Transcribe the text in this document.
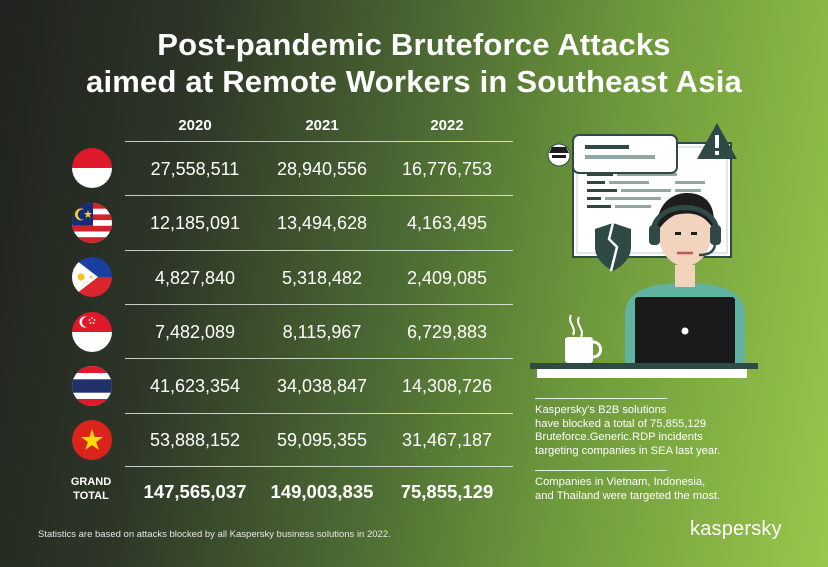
Post-pandemic Bruteforce Attacks
aimed at Remote Workers in Southeast Asia
2020	2021	2022
27,558,511	28,940,556	16,776,753
12,185,091	13,494,628	4,163,495
4,827,840	5,318,482	2,409,085
7,482,089	8,115,967	6,729,883
41,623,354	34,038,847	14,308,726
53,888,152	59,095,355	31,467,187
GRAND
TOTAL	147,565,037	149,003,835	75,855,129
Statistics are based on attacks blocked by all Kaspersky business solutions in 2022.
Kaspersky's B2B solutions
have blocked a total of 75,855,129
Bruteforce.Generic.RDP incidents
targeting companies in SEA last year.
Companies in Vietnam, Indonesia,
and Thailand were targeted the most.
kaspersky
